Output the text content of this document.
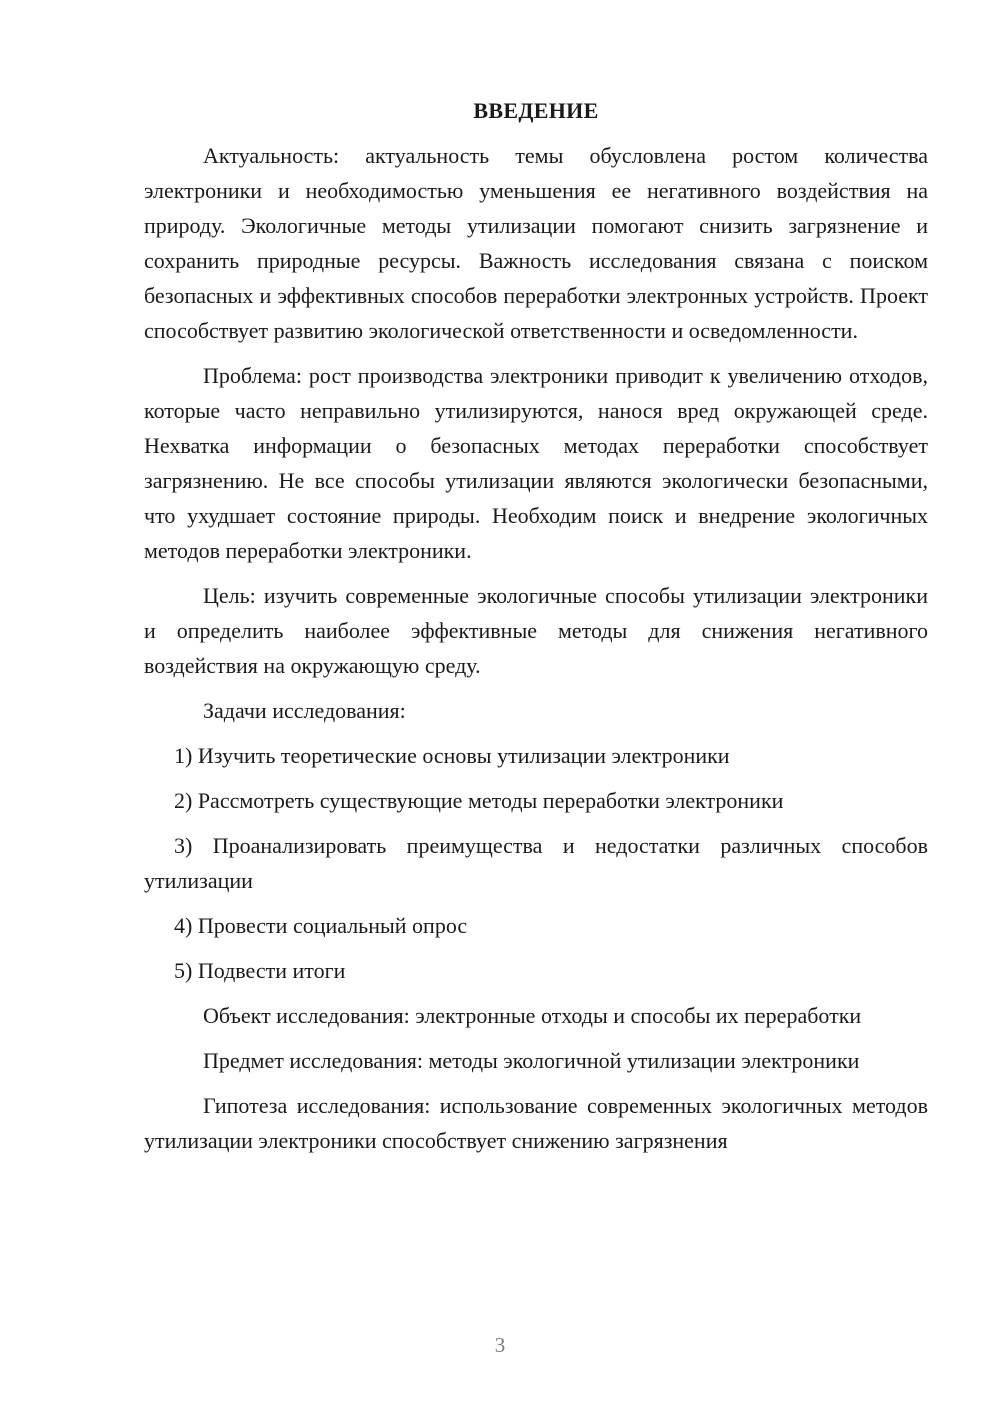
ВВЕДЕНИЕ

Актуальность: актуальность темы обусловлена ростом количества электроники и необходимостью уменьшения ее негативного воздействия на природу. Экологичные методы утилизации помогают снизить загрязнение и сохранить природные ресурсы. Важность исследования связана с поиском безопасных и эффективных способов переработки электронных устройств. Проект способствует развитию экологической ответственности и осведомленности.

Проблема: рост производства электроники приводит к увеличению отходов, которые часто неправильно утилизируются, нанося вред окружающей среде. Нехватка информации о безопасных методах переработки способствует загрязнению. Не все способы утилизации являются экологически безопасными, что ухудшает состояние природы. Необходим поиск и внедрение экологичных методов переработки электроники.

Цель: изучить современные экологичные способы утилизации электроники и определить наиболее эффективные методы для снижения негативного воздействия на окружающую среду.

Задачи исследования:

1) Изучить теоретические основы утилизации электроники

2) Рассмотреть существующие методы переработки электроники

3) Проанализировать преимущества и недостатки различных способов утилизации

4) Провести социальный опрос

5) Подвести итоги

Объект исследования: электронные отходы и способы их переработки

Предмет исследования: методы экологичной утилизации электроники

Гипотеза исследования: использование современных экологичных методов утилизации электроники способствует снижению загрязнения

3
